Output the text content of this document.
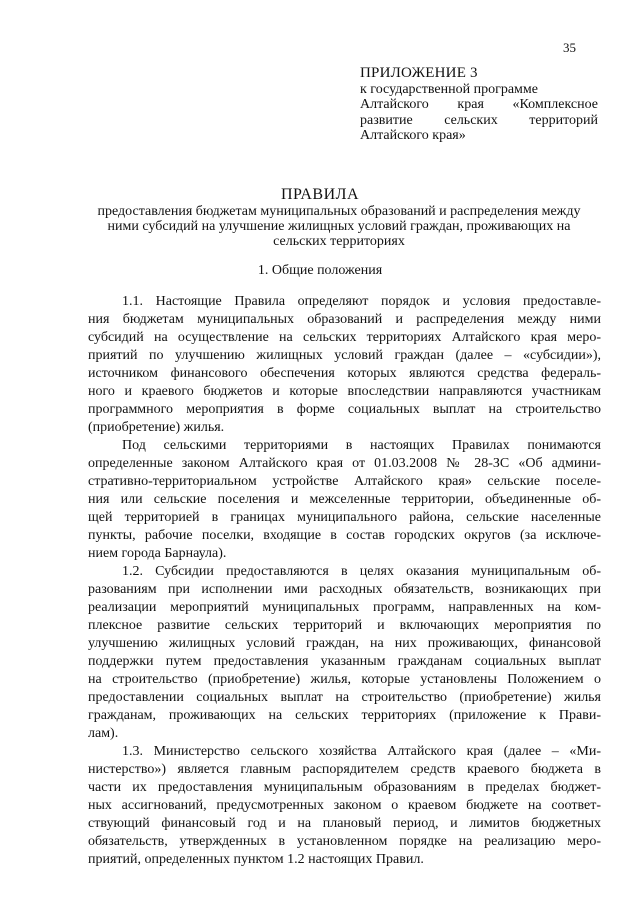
35
ПРИЛОЖЕНИЕ 3
к государственной программе
Алтайского края «Комплексное
развитие сельских территорий
Алтайского края»
ПРАВИЛА
предоставления бюджетам муниципальных образований и распределения между
ними субсидий на улучшение жилищных условий граждан, проживающих на
сельских территориях
1. Общие положения
1.1. Настоящие Правила определяют порядок и условия предоставле-
ния бюджетам муниципальных образований и распределения между ними
субсидий на осуществление на сельских территориях Алтайского края меро-
приятий по улучшению жилищных условий граждан (далее – «субсидии»),
источником финансового обеспечения которых являются средства федераль-
ного и краевого бюджетов и которые впоследствии направляются участникам
программного мероприятия в форме социальных выплат на строительство
(приобретение) жилья.
Под сельскими территориями в настоящих Правилах понимаются
определенные законом Алтайского края от 01.03.2008 № 28-ЗС «Об админи-
стративно-территориальном устройстве Алтайского края» сельские поселе-
ния или сельские поселения и межселенные территории, объединенные об-
щей территорией в границах муниципального района, сельские населенные
пункты, рабочие поселки, входящие в состав городских округов (за исключе-
нием города Барнаула).
1.2. Субсидии предоставляются в целях оказания муниципальным об-
разованиям при исполнении ими расходных обязательств, возникающих при
реализации мероприятий муниципальных программ, направленных на ком-
плексное развитие сельских территорий и включающих мероприятия по
улучшению жилищных условий граждан, на них проживающих, финансовой
поддержки путем предоставления указанным гражданам социальных выплат
на строительство (приобретение) жилья, которые установлены Положением о
предоставлении социальных выплат на строительство (приобретение) жилья
гражданам, проживающих на сельских территориях (приложение к Прави-
лам).
1.3. Министерство сельского хозяйства Алтайского края (далее – «Ми-
нистерство») является главным распорядителем средств краевого бюджета в
части их предоставления муниципальным образованиям в пределах бюджет-
ных ассигнований, предусмотренных законом о краевом бюджете на соответ-
ствующий финансовый год и на плановый период, и лимитов бюджетных
обязательств, утвержденных в установленном порядке на реализацию меро-
приятий, определенных пунктом 1.2 настоящих Правил.
